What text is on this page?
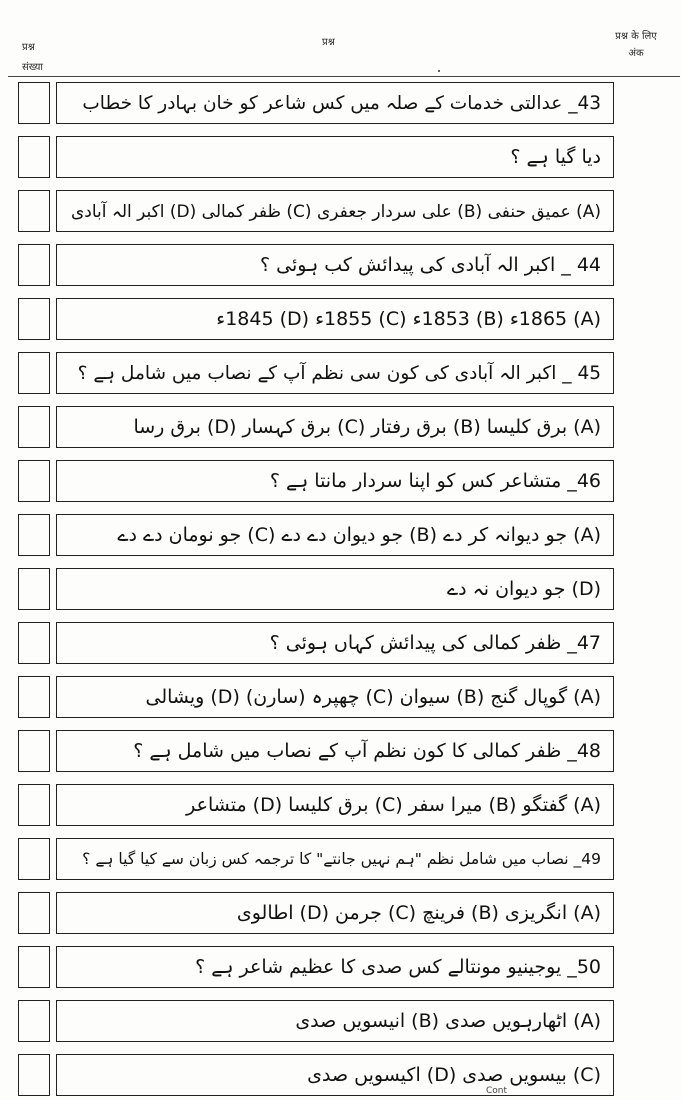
प्रश्न संख्या
प्रश्न
प्रश्न के लिए अंक
43_ عدالتی خدمات کے صلہ میں کس شاعر کو خان بہادر کا خطاب
دیا گیا ہے ؟
(A) عمیق حنفی (B) علی سردار جعفری (C) ظفر کمالی (D) اکبر الہ آبادی
44 _ اکبر الہ آبادی کی پیدائش کب ہوئی ؟
(A) 1865ء (B) 1853ء (C) 1855ء (D) 1845ء
45 _ اکبر الہ آبادی کی کون سی نظم آپ کے نصاب میں شامل ہے ؟
(A) برق کلیسا (B) برق رفتار (C) برق کہسار (D) برق رسا
46_ متشاعر کس کو اپنا سردار مانتا ہے ؟
(A) جو دیوانہ کر دے (B) جو دیوان دے دے (C) جو نومان دے دے
(D) جو دیوان نہ دے
47_ ظفر کمالی کی پیدائش کہاں ہوئی ؟
(A) گوپال گنج (B) سیوان (C) چھپرہ (سارن) (D) ویشالی
48_ ظفر کمالی کا کون نظم آپ کے نصاب میں شامل ہے ؟
(A) گفتگو (B) میرا سفر (C) برق کلیسا (D) متشاعر
49_ نصاب میں شامل نظم "ہم نہیں جانتے" کا ترجمہ کس زبان سے کیا گیا ہے ؟
(A) انگریزی (B) فرینچ (C) جرمن (D) اطالوی
50_ یوجینیو مونتالے کس صدی کا عظیم شاعر ہے ؟
(A) اٹھارہویں صدی (B) انیسویں صدی
(C) بیسویں صدی (D) اکیسویں صدی
Cont
